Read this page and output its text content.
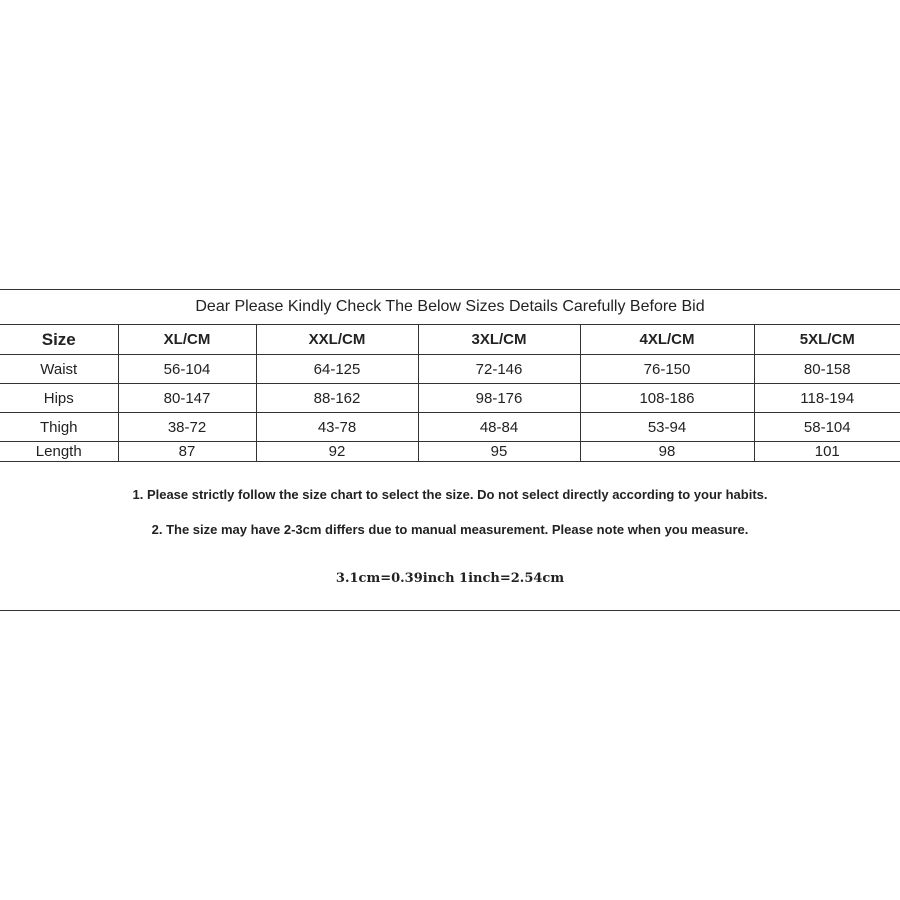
Dear Please Kindly Check The Below Sizes Details Carefully Before Bid
Size	XL/CM	XXL/CM	3XL/CM	4XL/CM	5XL/CM
Waist	56-104	64-125	72-146	76-150	80-158
Hips	80-147	88-162	98-176	108-186	118-194
Thigh	38-72	43-78	48-84	53-94	58-104
Length	87	92	95	98	101
1. Please strictly follow the size chart to select the size. Do not select directly according to your habits.
2. The size may have 2-3cm differs due to manual measurement. Please note when you measure.
3.1cm=0.39inch 1inch=2.54cm
